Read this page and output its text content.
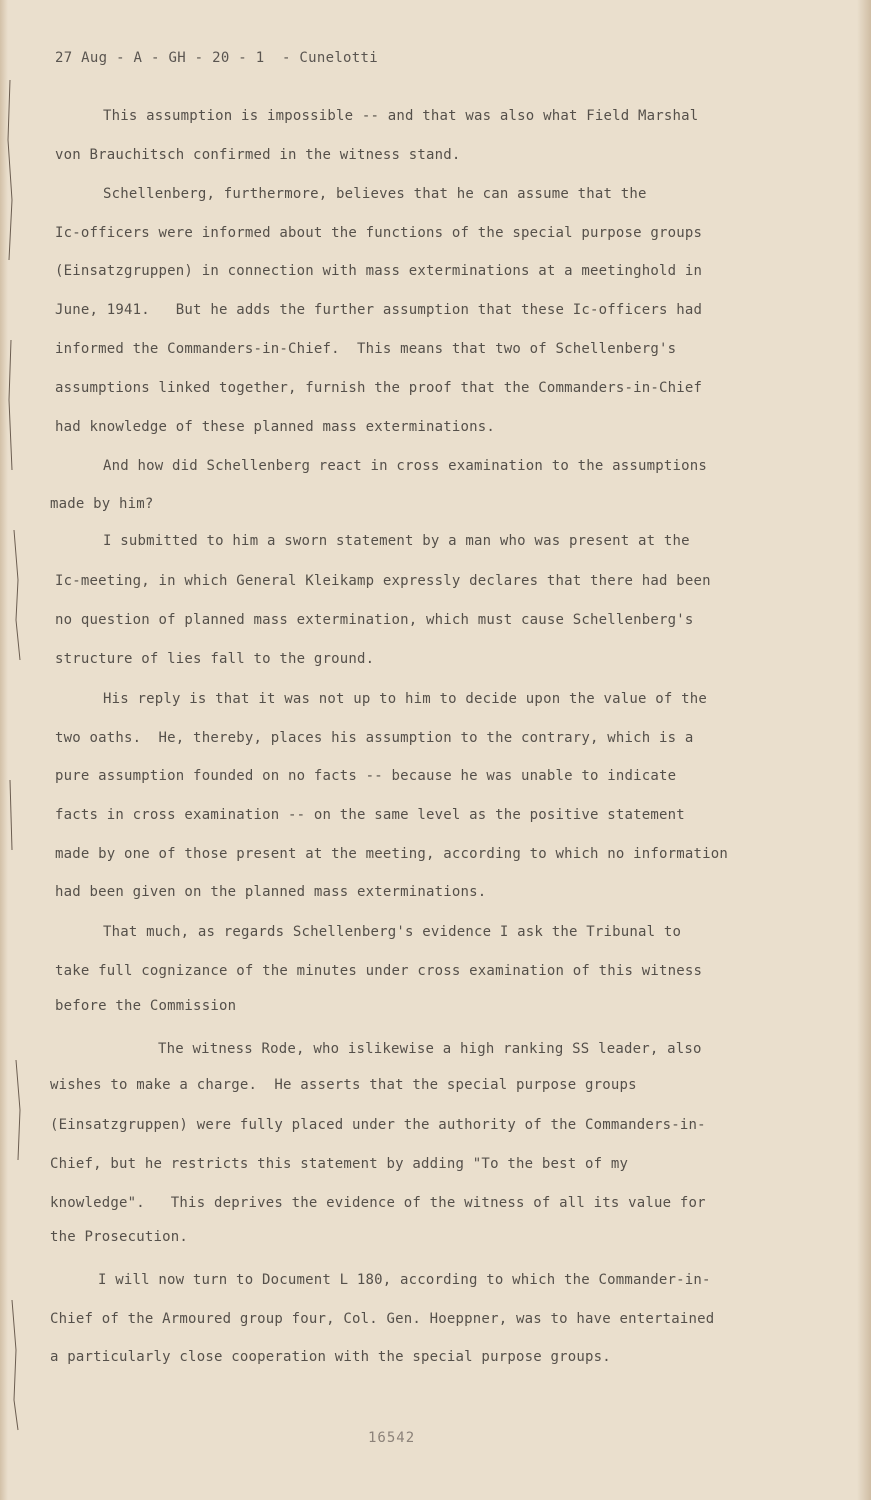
27 Aug - A - GH - 20 - 1  - Cunelotti
This assumption is impossible -- and that was also what Field Marshal
von Brauchitsch confirmed in the witness stand.
Schellenberg, furthermore, believes that he can assume that the
Ic-officers were informed about the functions of the special purpose groups
(Einsatzgruppen) in connection with mass exterminations at a meetinghold in
June, 1941.   But he adds the further assumption that these Ic-officers had
informed the Commanders-in-Chief.  This means that two of Schellenberg's
assumptions linked together, furnish the proof that the Commanders-in-Chief
had knowledge of these planned mass exterminations.
And how did Schellenberg react in cross examination to the assumptions
made by him?
I submitted to him a sworn statement by a man who was present at the
Ic-meeting, in which General Kleikamp expressly declares that there had been
no question of planned mass extermination, which must cause Schellenberg's
structure of lies fall to the ground.
His reply is that it was not up to him to decide upon the value of the
two oaths.  He, thereby, places his assumption to the contrary, which is a
pure assumption founded on no facts -- because he was unable to indicate
facts in cross examination -- on the same level as the positive statement
made by one of those present at the meeting, according to which no information
had been given on the planned mass exterminations.
That much, as regards Schellenberg's evidence I ask the Tribunal to
take full cognizance of the minutes under cross examination of this witness
before the Commission
The witness Rode, who islikewise a high ranking SS leader, also
wishes to make a charge.  He asserts that the special purpose groups
(Einsatzgruppen) were fully placed under the authority of the Commanders-in-
Chief, but he restricts this statement by adding "To the best of my
knowledge".   This deprives the evidence of the witness of all its value for
the Prosecution.
I will now turn to Document L 180, according to which the Commander-in-
Chief of the Armoured group four, Col. Gen. Hoeppner, was to have entertained
a particularly close cooperation with the special purpose groups.
16542
